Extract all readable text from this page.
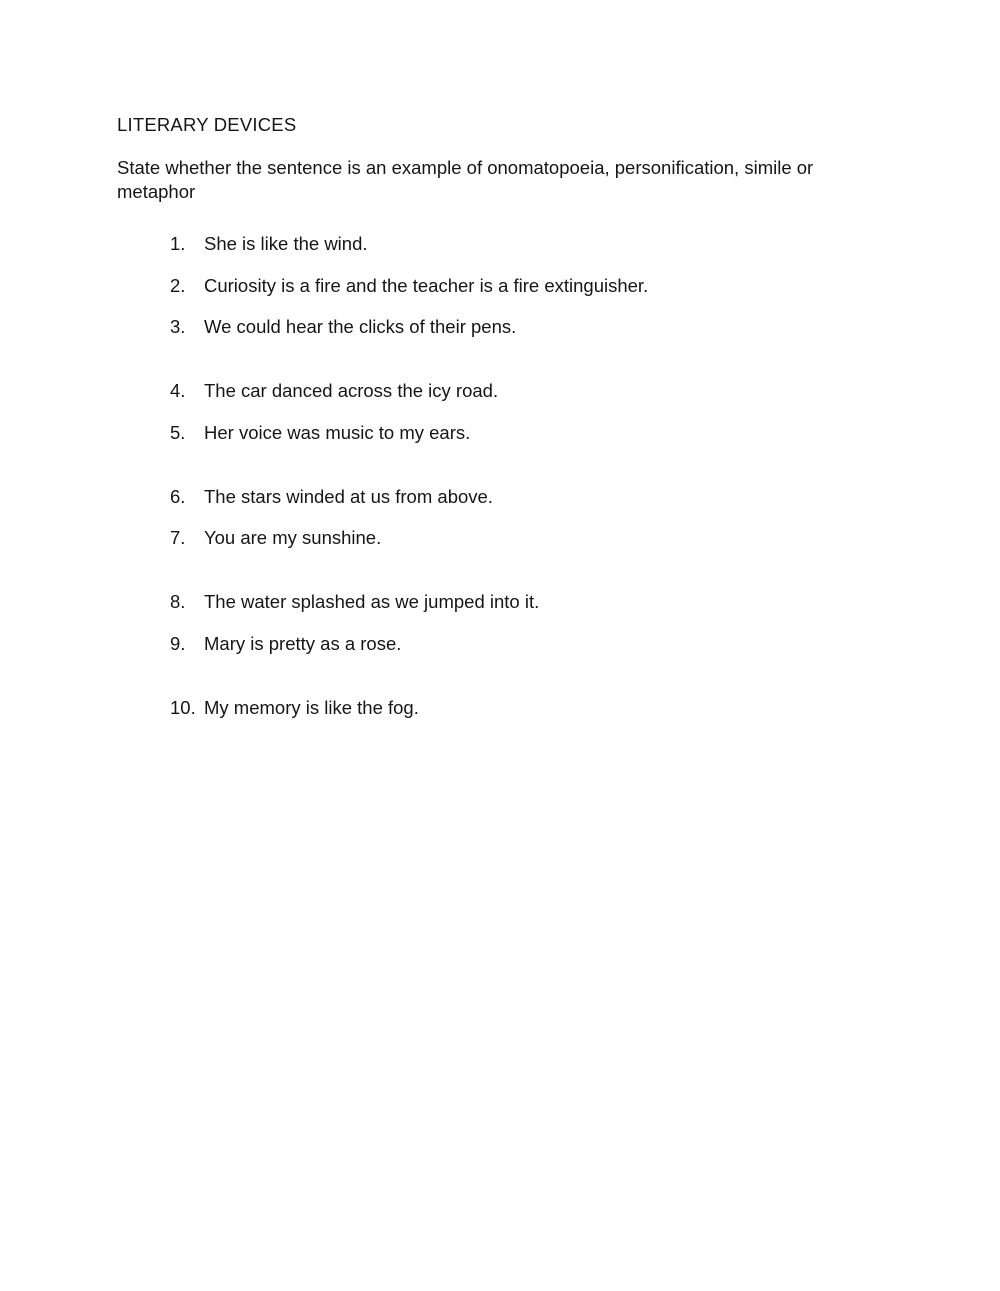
LITERARY DEVICES

State whether the sentence is an example of onomatopoeia, personification, simile or metaphor

1.	She is like the wind.
2.	Curiosity is a fire and the teacher is a fire extinguisher.
3.	We could hear the clicks of their pens.
4.	The car danced across the icy road.
5.	Her voice was music to my ears.
6.	The stars winded at us from above.
7.	You are my sunshine.
8.	The water splashed as we jumped into it.
9.	Mary is pretty as a rose.
10. My memory is like the fog.
